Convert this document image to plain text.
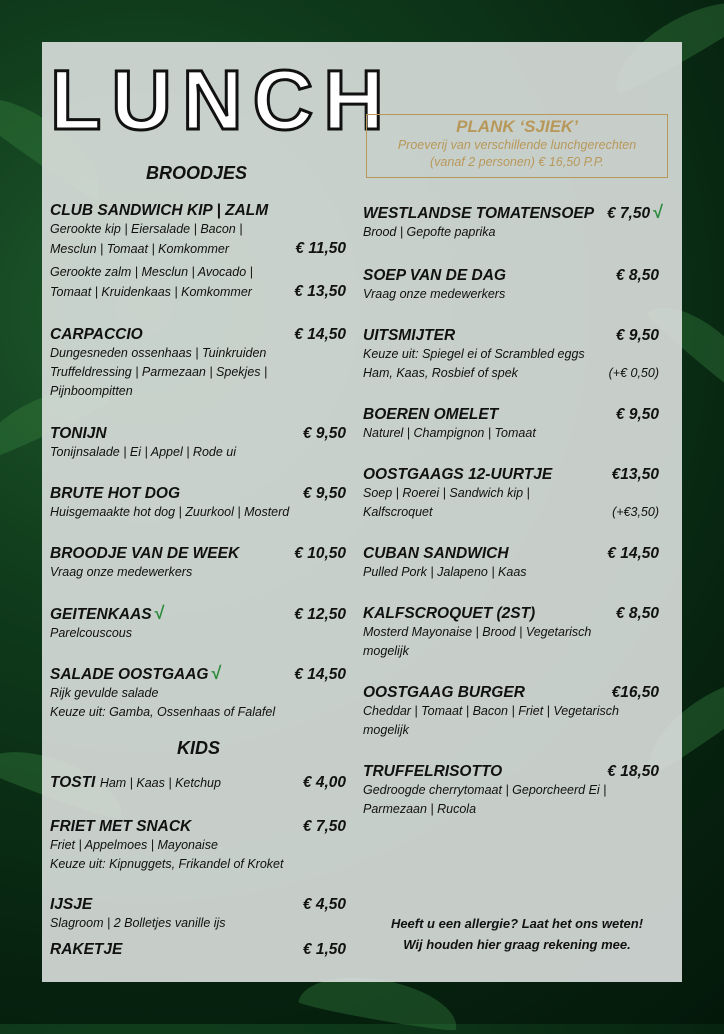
LUNCH	PLANK ‘SJIEK’
Proeverij van verschillende lunchgerechten
(vanaf 2 personen) € 16,50 P.P.
BROODJES
CLUB SANDWICH KIP | ZALM
Gerookte kip | Eiersalade | Bacon |
Mesclun | Tomaat | Komkommer	€ 11,50
Gerookte zalm | Mesclun | Avocado |
Tomaat | Kruidenkaas | Komkommer	€ 13,50
CARPACCIO	€ 14,50
Dungesneden ossenhaas | Tuinkruiden
Truffeldressing | Parmezaan | Spekjes |
Pijnboompitten
TONIJN	€ 9,50
Tonijnsalade | Ei | Appel | Rode ui
BRUTE HOT DOG	€ 9,50
Huisgemaakte hot dog | Zuurkool | Mosterd
BROODJE VAN DE WEEK	€ 10,50
Vraag onze medewerkers
GEITENKAAS √	€ 12,50
Parelcouscous
SALADE OOSTGAAG √	€ 14,50
Rijk gevulde salade
Keuze uit: Gamba, Ossenhaas of Falafel
KIDS
TOSTI Ham | Kaas | Ketchup	€ 4,00
FRIET MET SNACK	€ 7,50
Friet | Appelmoes | Mayonaise
Keuze uit: Kipnuggets, Frikandel of Kroket
IJSJE	€ 4,50
Slagroom | 2 Bolletjes vanille ijs
RAKETJE	€ 1,50
WESTLANDSE TOMATENSOEP € 7,50 √
Brood | Gepofte paprika
SOEP VAN DE DAG	€ 8,50
Vraag onze medewerkers
UITSMIJTER	€ 9,50
Keuze uit: Spiegel ei of Scrambled eggs
Ham, Kaas, Rosbief of spek	(+€ 0,50)
BOEREN OMELET	€ 9,50
Naturel | Champignon | Tomaat
OOSTGAAGS 12-UURTJE	€13,50
Soep | Roerei | Sandwich kip |
Kalfscroquet	(+€3,50)
CUBAN SANDWICH	€ 14,50
Pulled Pork | Jalapeno | Kaas
KALFSCROQUET (2ST)	€ 8,50
Mosterd Mayonaise | Brood | Vegetarisch
mogelijk
OOSTGAAG BURGER	€16,50
Cheddar | Tomaat | Bacon | Friet | Vegetarisch
mogelijk
TRUFFELRISOTTO	€ 18,50
Gedroogde cherrytomaat | Geporcheerd Ei |
Parmezaan | Rucola
Heeft u een allergie? Laat het ons weten!
Wij houden hier graag rekening mee.
